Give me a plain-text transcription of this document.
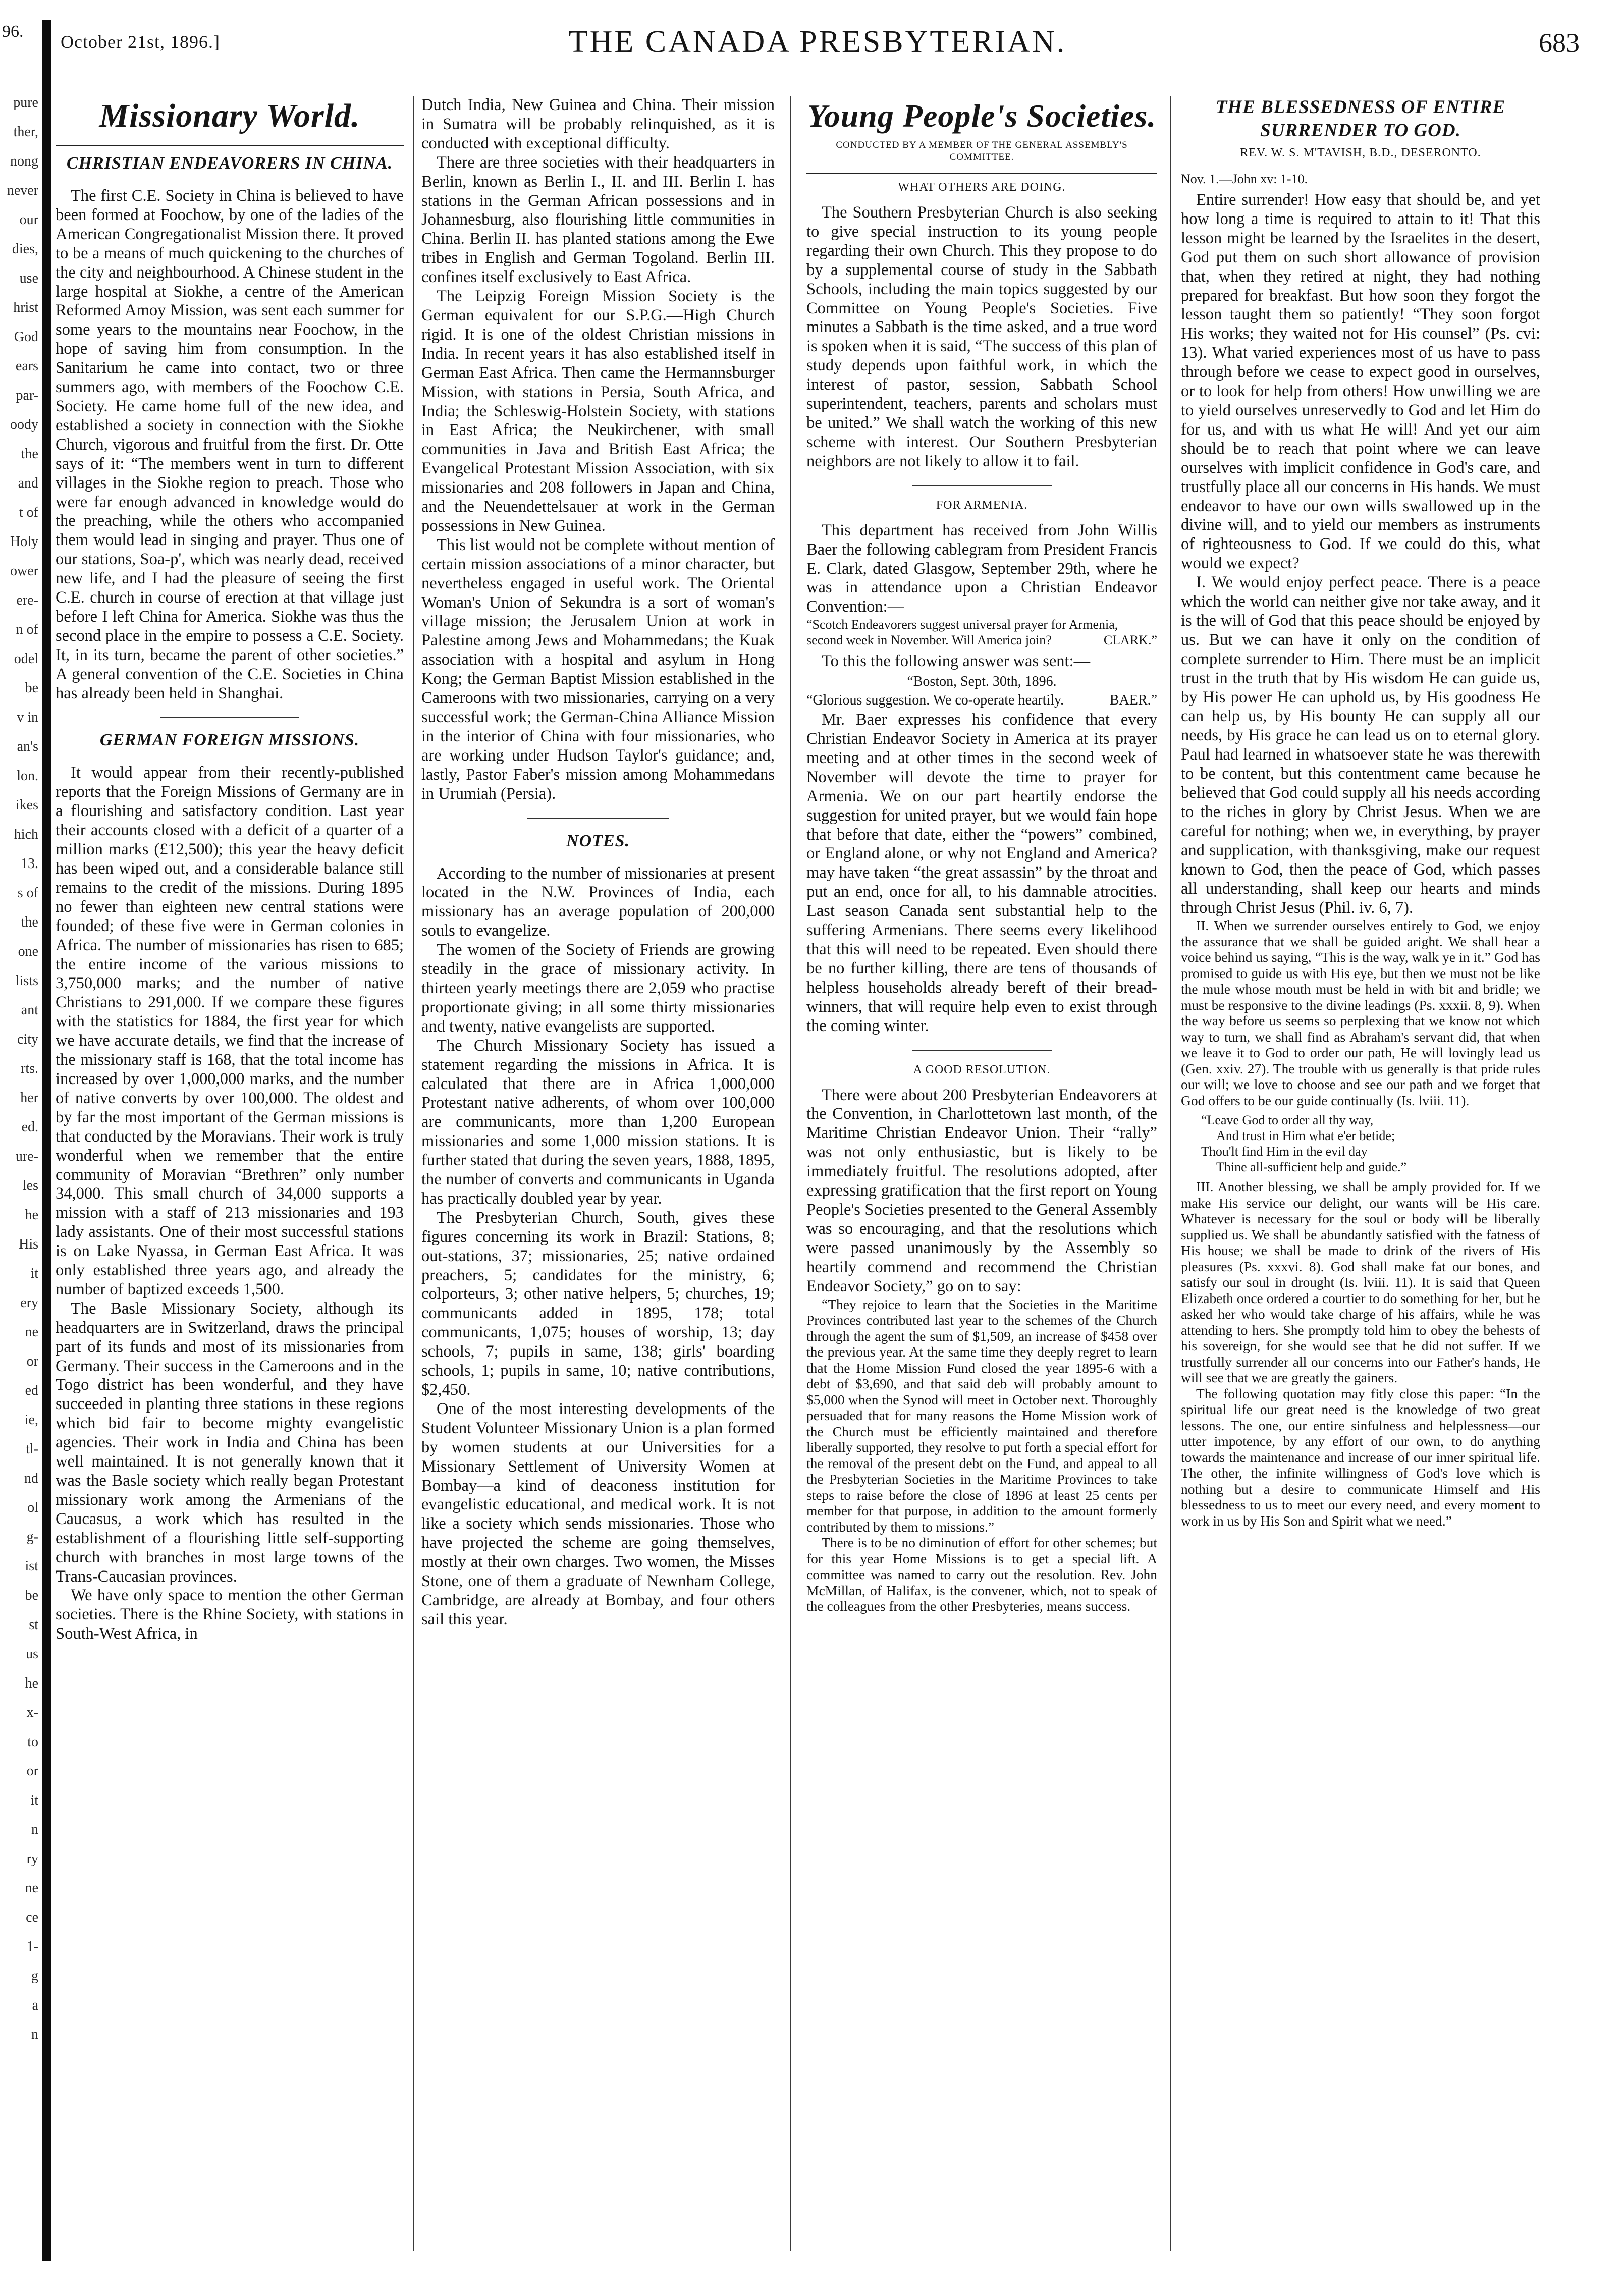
96.
pure
ther,
nong
never
our
dies,
use
hrist
God
ears
par-
oody
the
and
t of
Holy
ower
ere-
n of
odel
be
v in
an's
lon.
ikes
hich
13.
s of
the
one
lists
ant
city
rts.
her
ed.
ure-
les
he
His
it
ery
ne
or
ed
ie,
tl-
nd
ol
g-
ist
be
st
us
he
x-
to
or
it
n
ry
ne
ce
1-
g
a
n
October 21st, 1896.]	THE CANADA PRESBYTERIAN.	683
Missionary World.
CHRISTIAN ENDEAVORERS IN CHINA.

The first C.E. Society in China is believed to have been formed at Foochow, by one of the ladies of the American Congregationalist Mission there. It proved to be a means of much quickening to the churches of the city and neighbourhood. A Chinese student in the large hospital at Siokhe, a centre of the American Reformed Amoy Mission, was sent each summer for some years to the mountains near Foochow, in the hope of saving him from consumption. In the Sanitarium he came into contact, two or three summers ago, with members of the Foochow C.E. Society. He came home full of the new idea, and established a society in connection with the Siokhe Church, vigorous and fruitful from the first. Dr. Otte says of it: “The members went in turn to different villages in the Siokhe region to preach. Those who were far enough advanced in knowledge would do the preaching, while the others who accompanied them would lead in singing and prayer. Thus one of our stations, Soa-p', which was nearly dead, received new life, and I had the pleasure of seeing the first C.E. church in course of erection at that village just before I left China for America. Siokhe was thus the second place in the empire to possess a C.E. Society. It, in its turn, became the parent of other societies.” A general convention of the C.E. Societies in China has already been held in Shanghai.

GERMAN FOREIGN MISSIONS.

It would appear from their recently-published reports that the Foreign Missions of Germany are in a flourishing and satisfactory condition. Last year their accounts closed with a deficit of a quarter of a million marks (£12,500); this year the heavy deficit has been wiped out, and a considerable balance still remains to the credit of the missions. During 1895 no fewer than eighteen new central stations were founded; of these five were in German colonies in Africa. The number of missionaries has risen to 685; the entire income of the various missions to 3,750,000 marks; and the number of native Christians to 291,000. If we compare these figures with the statistics for 1884, the first year for which we have accurate details, we find that the increase of the missionary staff is 168, that the total income has increased by over 1,000,000 marks, and the number of native converts by over 100,000. The oldest and by far the most important of the German missions is that conducted by the Moravians. Their work is truly wonderful when we remember that the entire community of Moravian “Brethren” only number 34,000. This small church of 34,000 supports a mission with a staff of 213 missionaries and 193 lady assistants. One of their most successful stations is on Lake Nyassa, in German East Africa. It was only established three years ago, and already the number of baptized exceeds 1,500.

The Basle Missionary Society, although its headquarters are in Switzerland, draws the principal part of its funds and most of its missionaries from Germany. Their success in the Cameroons and in the Togo district has been wonderful, and they have succeeded in planting three stations in these regions which bid fair to become mighty evangelistic agencies. Their work in India and China has been well maintained. It is not generally known that it was the Basle society which really began Protestant missionary work among the Armenians of the Caucasus, a work which has resulted in the establishment of a flourishing little self-supporting church with branches in most large towns of the Trans-Caucasian provinces.

We have only space to mention the other German societies. There is the Rhine Society, with stations in South-West Africa, in

Dutch India, New Guinea and China. Their mission in Sumatra will be probably relinquished, as it is conducted with exceptional difficulty.

There are three societies with their headquarters in Berlin, known as Berlin I., II. and III. Berlin I. has stations in the German African possessions and in Johannesburg, also flourishing little communities in China. Berlin II. has planted stations among the Ewe tribes in English and German Togoland. Berlin III. confines itself exclusively to East Africa.

The Leipzig Foreign Mission Society is the German equivalent for our S.P.G.—High Church rigid. It is one of the oldest Christian missions in India. In recent years it has also established itself in German East Africa. Then came the Hermannsburger Mission, with stations in Persia, South Africa, and India; the Schleswig-Holstein Society, with stations in East Africa; the Neukirchener, with small communities in Java and British East Africa; the Evangelical Protestant Mission Association, with six missionaries and 208 followers in Japan and China, and the Neuendettelsauer at work in the German possessions in New Guinea.

This list would not be complete without mention of certain mission associations of a minor character, but nevertheless engaged in useful work. The Oriental Woman's Union of Sekundra is a sort of woman's village mission; the Jerusalem Union at work in Palestine among Jews and Mohammedans; the Kuak association with a hospital and asylum in Hong Kong; the German Baptist Mission established in the Cameroons with two missionaries, carrying on a very successful work; the German-China Alliance Mission in the interior of China with four missionaries, who are working under Hudson Taylor's guidance; and, lastly, Pastor Faber's mission among Mohammedans in Urumiah (Persia).

NOTES.

According to the number of missionaries at present located in the N.W. Provinces of India, each missionary has an average population of 200,000 souls to evangelize.

The women of the Society of Friends are growing steadily in the grace of missionary activity. In thirteen yearly meetings there are 2,059 who practise proportionate giving; in all some thirty missionaries and twenty, native evangelists are supported.

The Church Missionary Society has issued a statement regarding the missions in Africa. It is calculated that there are in Africa 1,000,000 Protestant native adherents, of whom over 100,000 are communicants, more than 1,200 European missionaries and some 1,000 mission stations. It is further stated that during the seven years, 1888, 1895, the number of converts and communicants in Uganda has practically doubled year by year.

The Presbyterian Church, South, gives these figures concerning its work in Brazil: Stations, 8; out-stations, 37; missionaries, 25; native ordained preachers, 5; candidates for the ministry, 6; colporteurs, 3; other native helpers, 5; churches, 19; communicants added in 1895, 178; total communicants, 1,075; houses of worship, 13; day schools, 7; pupils in same, 138; girls' boarding schools, 1; pupils in same, 10; native contributions, $2,450.

One of the most interesting developments of the Student Volunteer Missionary Union is a plan formed by women students at our Universities for a Missionary Settlement of University Women at Bombay—a kind of deaconess institution for evangelistic educational, and medical work. It is not like a society which sends missionaries. Those who have projected the scheme are going themselves, mostly at their own charges. Two women, the Misses Stone, one of them a graduate of Newnham College, Cambridge, are already at Bombay, and four others sail this year.

Young People's Societies.
CONDUCTED BY A MEMBER OF THE GENERAL ASSEMBLY'S COMMITTEE.
WHAT OTHERS ARE DOING.

The Southern Presbyterian Church is also seeking to give special instruction to its young people regarding their own Church. This they propose to do by a supplemental course of study in the Sabbath Schools, including the main topics suggested by our Committee on Young People's Societies. Five minutes a Sabbath is the time asked, and a true word is spoken when it is said, “The success of this plan of study depends upon faithful work, in which the interest of pastor, session, Sabbath School superintendent, teachers, parents and scholars must be united.” We shall watch the working of this new scheme with interest. Our Southern Presbyterian neighbors are not likely to allow it to fail.

FOR ARMENIA.

This department has received from John Willis Baer the following cablegram from President Francis E. Clark, dated Glasgow, September 29th, where he was in attendance upon a Christian Endeavor Convention:—

“Scotch Endeavorers suggest universal prayer for Armenia, second week in November. Will America join?	CLARK.”

To this the following answer was sent:—

“Boston, Sept. 30th, 1896.
“Glorious suggestion. We co-operate heartily.	BAER.”

Mr. Baer expresses his confidence that every Christian Endeavor Society in America at its prayer meeting and at other times in the second week of November will devote the time to prayer for Armenia. We on our part heartily endorse the suggestion for united prayer, but we would fain hope that before that date, either the “powers” combined, or England alone, or why not England and America? may have taken “the great assassin” by the throat and put an end, once for all, to his damnable atrocities. Last season Canada sent substantial help to the suffering Armenians. There seems every likelihood that this will need to be repeated. Even should there be no further killing, there are tens of thousands of helpless households already bereft of their bread-winners, that will require help even to exist through the coming winter.

A GOOD RESOLUTION.

There were about 200 Presbyterian Endeavorers at the Convention, in Charlottetown last month, of the Maritime Christian Endeavor Union. Their “rally” was not only enthusiastic, but is likely to be immediately fruitful. The resolutions adopted, after expressing gratification that the first report on Young People's Societies presented to the General Assembly was so encouraging, and that the resolutions which were passed unanimously by the Assembly so heartily commend and recommend the Christian Endeavor Society,” go on to say:

“They rejoice to learn that the Societies in the Maritime Provinces contributed last year to the schemes of the Church through the agent the sum of $1,509, an increase of $458 over the previous year. At the same time they deeply regret to learn that the Home Mission Fund closed the year 1895-6 with a debt of $3,690, and that said deb will probably amount to $5,000 when the Synod will meet in October next. Thoroughly persuaded that for many reasons the Home Mission work of the Church must be efficiently maintained and therefore liberally supported, they resolve to put forth a special effort for the removal of the present debt on the Fund, and appeal to all the Presbyterian Societies in the Maritime Provinces to take steps to raise before the close of 1896 at least 25 cents per member for that purpose, in addition to the amount formerly contributed by them to missions.”

There is to be no diminution of effort for other schemes; but for this year Home Missions is to get a special lift. A committee was named to carry out the resolution. Rev. John McMillan, of Halifax, is the convener, which, not to speak of the colleagues from the other Presbyteries, means success.

THE BLESSEDNESS OF ENTIRE SURRENDER TO GOD.
REV. W. S. M'TAVISH, B.D., DESERONTO.
Nov. 1.—John xv: 1-10.

Entire surrender! How easy that should be, and yet how long a time is required to attain to it! That this lesson might be learned by the Israelites in the desert, God put them on such short allowance of provision that, when they retired at night, they had nothing prepared for breakfast. But how soon they forgot the lesson taught them so patiently! “They soon forgot His works; they waited not for His counsel” (Ps. cvi: 13). What varied experiences most of us have to pass through before we cease to expect good in ourselves, or to look for help from others! How unwilling we are to yield ourselves unreservedly to God and let Him do for us, and with us what He will! And yet our aim should be to reach that point where we can leave ourselves with implicit confidence in God's care, and trustfully place all our concerns in His hands. We must endeavor to have our own wills swallowed up in the divine will, and to yield our members as instruments of righteousness to God. If we could do this, what would we expect?

I. We would enjoy perfect peace. There is a peace which the world can neither give nor take away, and it is the will of God that this peace should be enjoyed by us. But we can have it only on the condition of complete surrender to Him. There must be an implicit trust in the truth that by His wisdom He can guide us, by His power He can uphold us, by His goodness He can help us, by His bounty He can supply all our needs, by His grace he can lead us on to eternal glory. Paul had learned in whatsoever state he was therewith to be content, but this contentment came because he believed that God could supply all his needs according to the riches in glory by Christ Jesus. When we are careful for nothing; when we, in everything, by prayer and supplication, with thanksgiving, make our request known to God, then the peace of God, which passes all understanding, shall keep our hearts and minds through Christ Jesus (Phil. iv. 6, 7).

II. When we surrender ourselves entirely to God, we enjoy the assurance that we shall be guided aright. We shall hear a voice behind us saying, “This is the way, walk ye in it.” God has promised to guide us with His eye, but then we must not be like the mule whose mouth must be held in with bit and bridle; we must be responsive to the divine leadings (Ps. xxxii. 8, 9). When the way before us seems so perplexing that we know not which way to turn, we shall find as Abraham's servant did, that when we leave it to God to order our path, He will lovingly lead us (Gen. xxiv. 27). The trouble with us generally is that pride rules our will; we love to choose and see our path and we forget that God offers to be our guide continually (Is. lviii. 11).

“Leave God to order all thy way,
And trust in Him what e'er betide;
Thou'lt find Him in the evil day
Thine all-sufficient help and guide.”

III. Another blessing, we shall be amply provided for. If we make His service our delight, our wants will be His care. Whatever is necessary for the soul or body will be liberally supplied us. We shall be abundantly satisfied with the fatness of His house; we shall be made to drink of the rivers of His pleasures (Ps. xxxvi. 8). God shall make fat our bones, and satisfy our soul in drought (Is. lviii. 11). It is said that Queen Elizabeth once ordered a courtier to do something for her, but he asked her who would take charge of his affairs, while he was attending to hers. She promptly told him to obey the behests of his sovereign, for she would see that he did not suffer. If we trustfully surrender all our concerns into our Father's hands, He will see that we are greatly the gainers.

The following quotation may fitly close this paper: “In the spiritual life our great need is the knowledge of two great lessons. The one, our entire sinfulness and helplessness—our utter impotence, by any effort of our own, to do anything towards the maintenance and increase of our inner spiritual life. The other, the infinite willingness of God's love which is nothing but a desire to communicate Himself and His blessedness to us to meet our every need, and every moment to work in us by His Son and Spirit what we need.”
